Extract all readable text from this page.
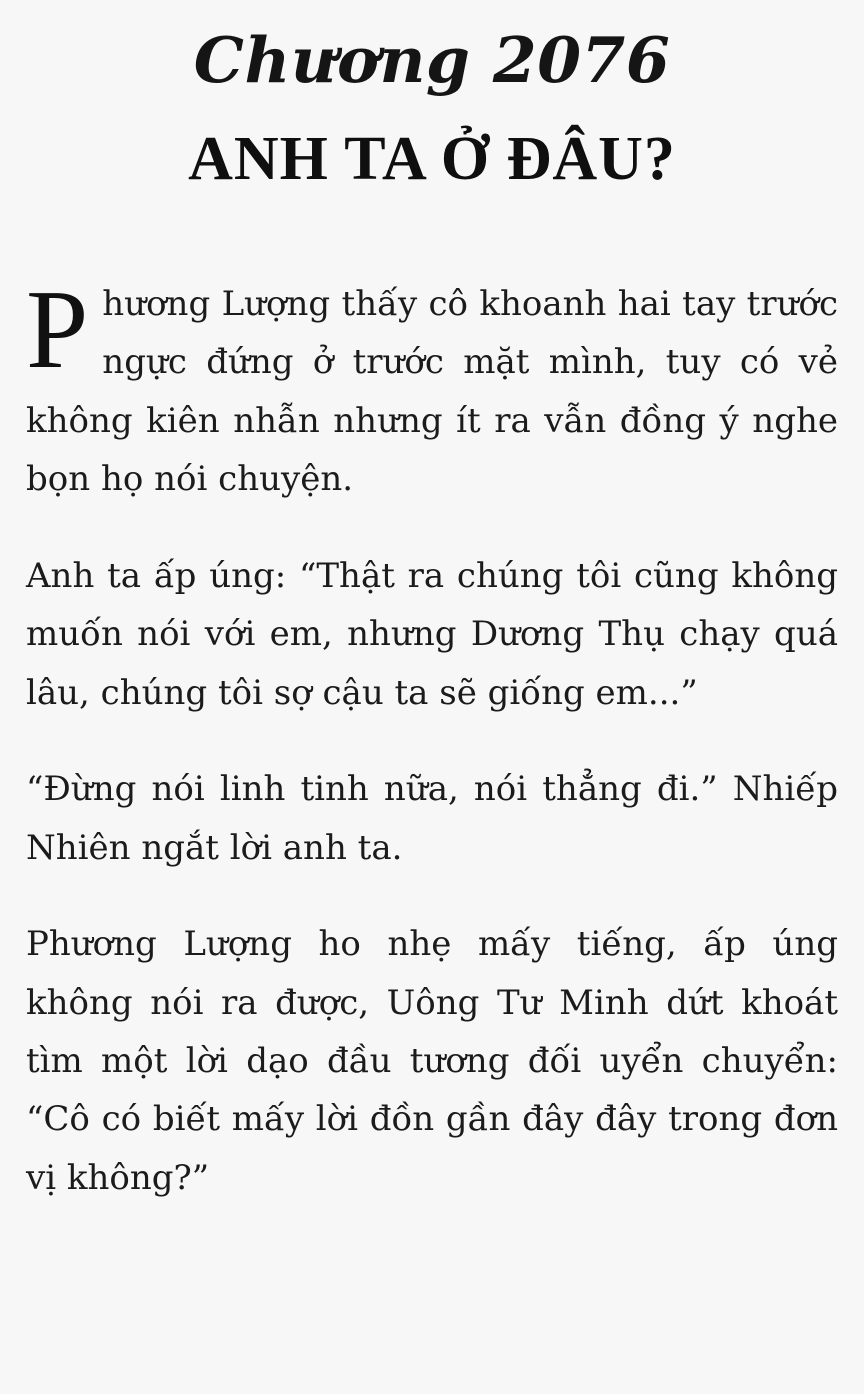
Chương 2076
ANH TA Ở ĐÂU?

Phương Lượng thấy cô khoanh hai tay trước ngực đứng ở trước mặt mình, tuy có vẻ không kiên nhẫn nhưng ít ra vẫn đồng ý nghe bọn họ nói chuyện.

Anh ta ấp úng: “Thật ra chúng tôi cũng không muốn nói với em, nhưng Dương Thụ chạy quá lâu, chúng tôi sợ cậu ta sẽ giống em...”

“Đừng nói linh tinh nữa, nói thẳng đi.” Nhiếp Nhiên ngắt lời anh ta.

Phương Lượng ho nhẹ mấy tiếng, ấp úng không nói ra được, Uông Tư Minh dứt khoát tìm một lời dạo đầu tương đối uyển chuyển: “Cô có biết mấy lời đồn gần đây đây trong đơn vị không?”
